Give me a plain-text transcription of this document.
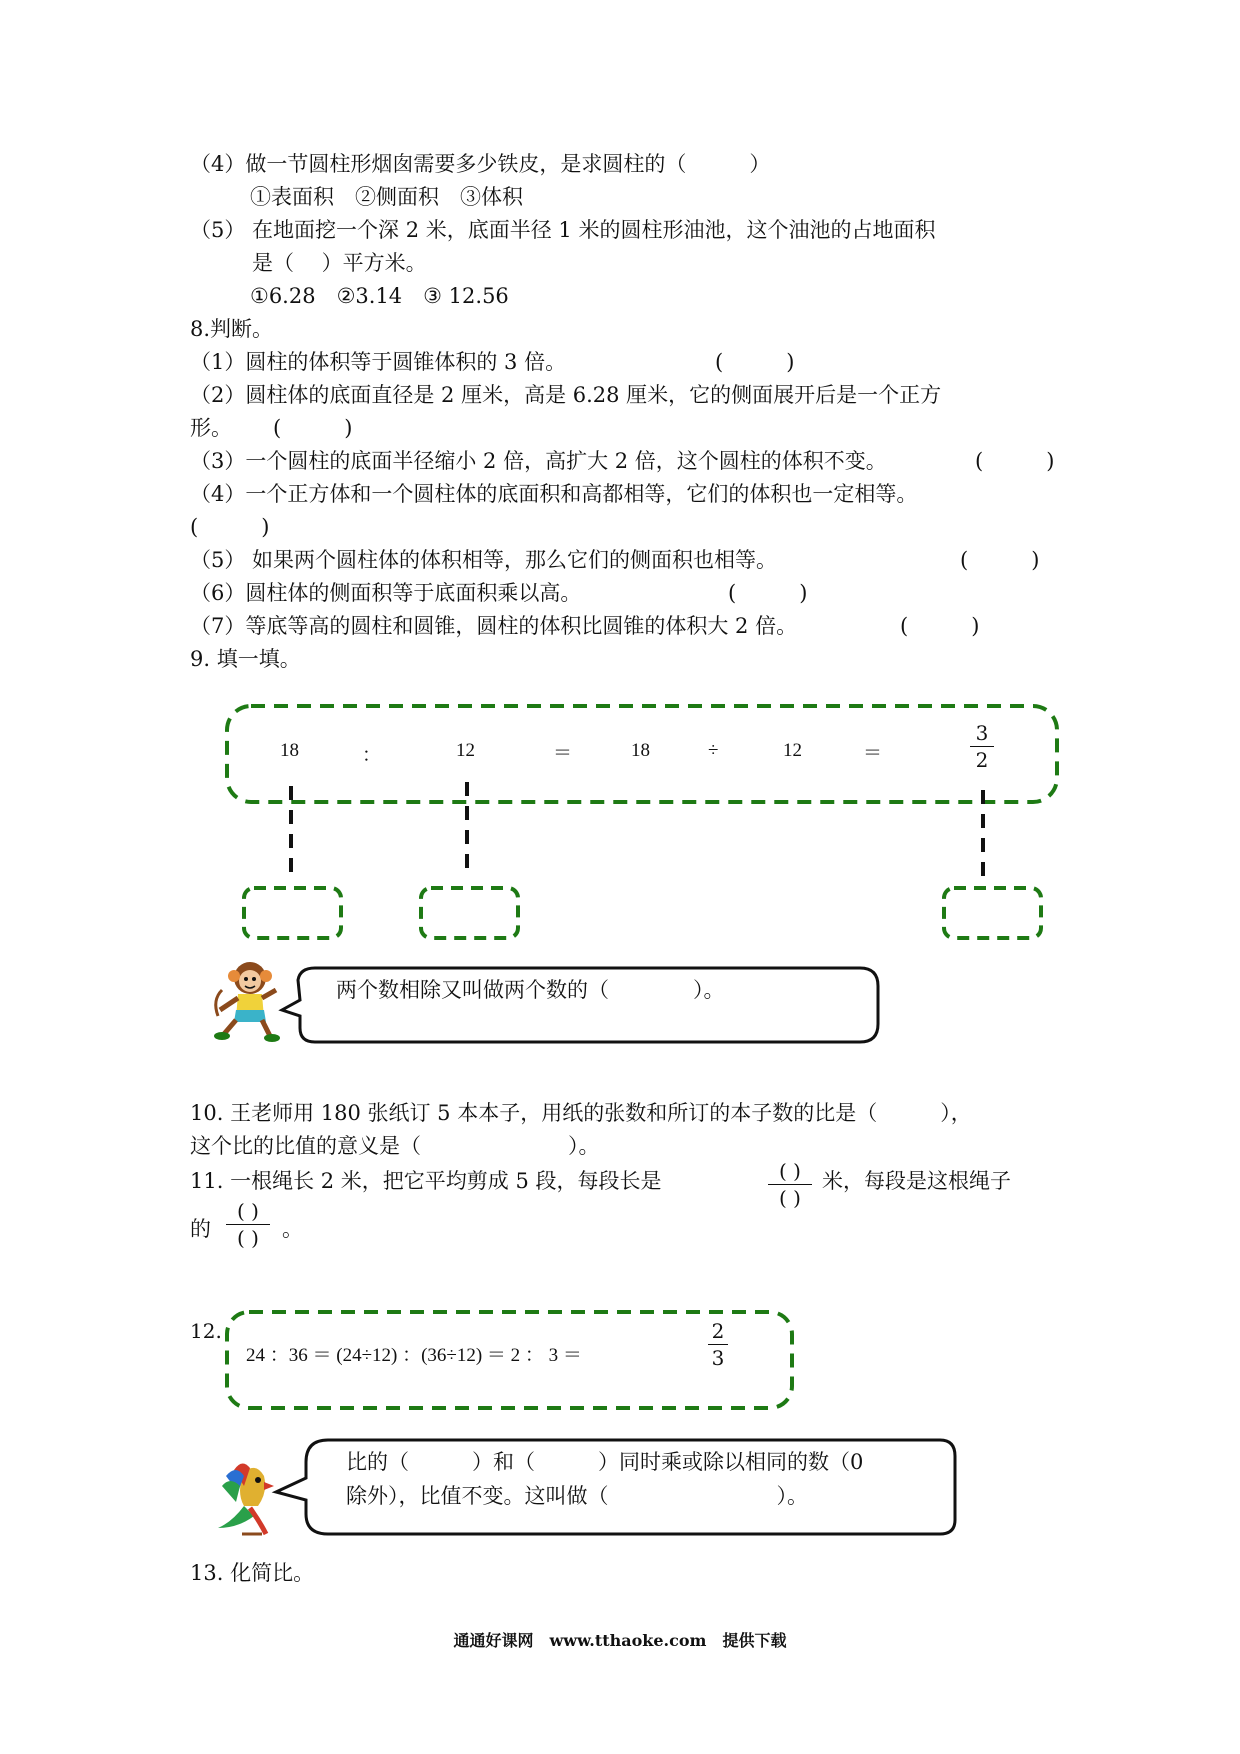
（4）做一节圆柱形烟囱需要多少铁皮，是求圆柱的（　　　）
①表面积　②侧面积　③体积
（5） 在地面挖一个深 2 米，底面半径 1 米的圆柱形油池，这个油池的占地面积
是（　 ）平方米。
①6.28　②3.14　③ 12.56
8.判断。
（1）圆柱的体积等于圆锥体积的 3 倍。	(　　　)
（2）圆柱体的底面直径是 2 厘米，高是 6.28 厘米，它的侧面展开后是一个正方
形。 (　　　)
（3）一个圆柱的底面半径缩小 2 倍，高扩大 2 倍，这个圆柱的体积不变。	(　　　)
（4）一个正方体和一个圆柱体的底面积和高都相等，它们的体积也一定相等。
(　　　)
（5） 如果两个圆柱体的体积相等，那么它们的侧面积也相等。	(　　　)
（6）圆柱体的侧面积等于底面积乘以高。	(　　　)
（7）等底等高的圆柱和圆锥，圆柱的体积比圆锥的体积大 2 倍。	(　　　)
9. 填一填。
18	：	12	＝	18	÷	12	＝
3
2
两个数相除又叫做两个数的（　　　　）。
10. 王老师用 180 张纸订 5 本本子，用纸的张数和所订的本子数的比是（　　　），
这个比的比值的意义是（　　　　　　　）。
11. 一根绳长 2 米，把它平均剪成 5 段，每段长是	( )
( )
米，每段是这根绳子
的
( )
( )	。
12.
24 ：36 ＝ (24÷12) ：(36÷12) ＝ 2 ： 3 ＝
2
3
比的（　　　）和（　　　）同时乘或除以相同的数（0
除外），比值不变。这叫做（　　　　　　　　）。
13. 化简比。
通通好课网　www.tthaoke.com　提供下载
